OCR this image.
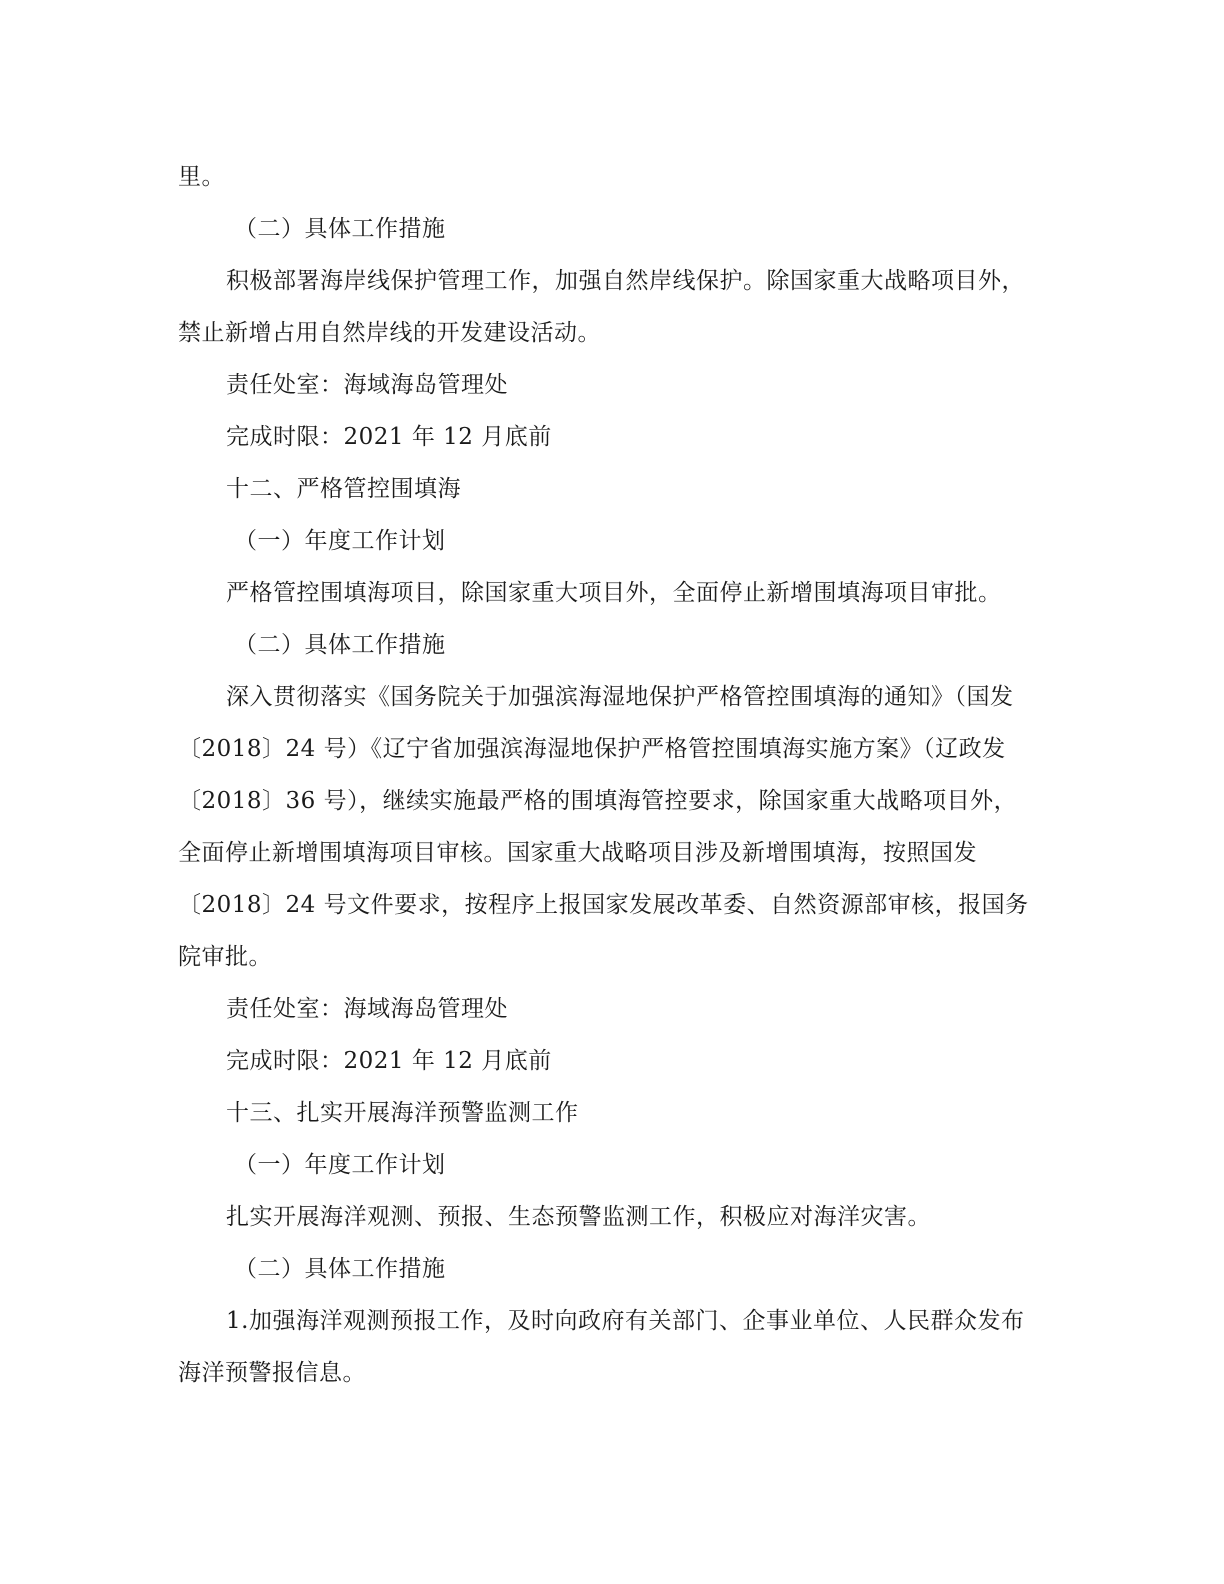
里。
（二）具体工作措施
积极部署海岸线保护管理工作，加强自然岸线保护。除国家重大战略项目外，
禁止新增占用自然岸线的开发建设活动。
责任处室：海域海岛管理处
完成时限：2021 年 12 月底前
十二、严格管控围填海
（一）年度工作计划
严格管控围填海项目，除国家重大项目外，全面停止新增围填海项目审批。
（二）具体工作措施
深入贯彻落实《国务院关于加强滨海湿地保护严格管控围填海的通知》（国发
〔2018〕24 号）《辽宁省加强滨海湿地保护严格管控围填海实施方案》（辽政发
〔2018〕36 号），继续实施最严格的围填海管控要求，除国家重大战略项目外，
全面停止新增围填海项目审核。国家重大战略项目涉及新增围填海，按照国发
〔2018〕24 号文件要求，按程序上报国家发展改革委、自然资源部审核，报国务
院审批。
责任处室：海域海岛管理处
完成时限：2021 年 12 月底前
十三、扎实开展海洋预警监测工作
（一）年度工作计划
扎实开展海洋观测、预报、生态预警监测工作，积极应对海洋灾害。
（二）具体工作措施
1.加强海洋观测预报工作，及时向政府有关部门、企事业单位、人民群众发布
海洋预警报信息。
